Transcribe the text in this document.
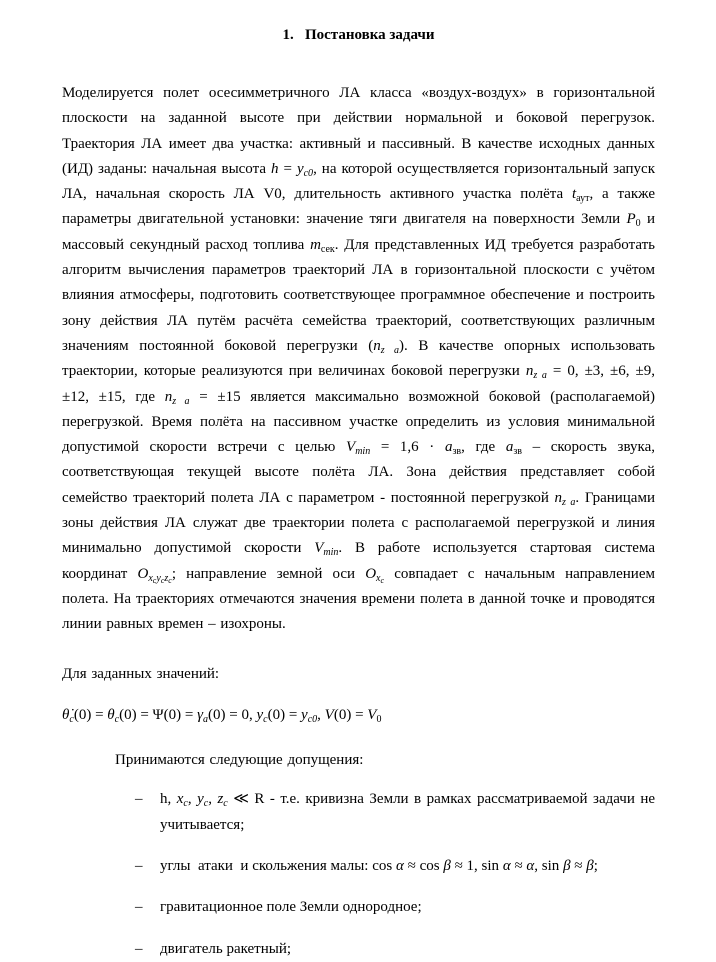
1.   Постановка задачи

Моделируется полет осесимметричного ЛА класса «воздух-воздух» в горизонтальной плоскости на заданной высоте при действии нормальной и боковой перегрузок. Траектория ЛА имеет два участка: активный и пассивный. В качестве исходных данных (ИД) заданы: начальная высота $h = y_{c0}$, на которой осуществляется горизонтальный запуск ЛА, начальная скорость ЛА V0, длительность активного участка полёта $t_{аут}$, а также параметры двигательной установки: значение тяги двигателя на поверхности Земли $P_0$ и массовый секундный расход топлива $m_{сек}$. Для представленных ИД требуется разработать алгоритм вычисления параметров траекторий ЛА в горизонтальной плоскости с учётом влияния атмосферы, подготовить соответствующее программное обеспечение и построить зону действия ЛА путём расчёта семейства траекторий, соответствующих различным значениям постоянной боковой перегрузки $(n_{z a})$. В качестве опорных использовать траектории, которые реализуются при величинах боковой перегрузки $n_{z a} = 0$, ±3, ±6, ±9, ±12, ±15, где $n_{z a} = \pm 15$ является максимально возможной боковой (располагаемой) перегрузкой. Время полёта на пассивном участке определить из условия минимальной допустимой скорости встречи с целью $V_{min} = 1,6 \cdot a_{зв}$, где $a_{зв}$ – скорость звука, соответствующая текущей высоте полёта ЛА. Зона действия представляет собой семейство траекторий полета ЛА с параметром - постоянной перегрузкой $n_{z a}$. Границами зоны действия ЛА служат две траектории полета с располагаемой перегрузкой и линия минимально допустимой скорости $V_{min}$. В работе используется стартовая система координат $O_{xcyczc}$; направление земной оси $O_{xc}$ совпадает с начальным направлением полета. На траекториях отмечаются значения времени полета в данной точке и проводятся линии равных времен – изохроны.

Для заданных значений:

$\thetȧ_c(0) = \theta_c(0) = \Psi(0) = \gamma_a(0) = 0$, $y_c(0) = y_{c0}$, $V(0) = V_0$

Принимаются следующие допущения:

– h, $x_c$, $y_c$, $z_c$ ≪ R - т.е. кривизна Земли в рамках рассматриваемой задачи не учитывается;
– углы  атаки  и скольжения малы: cos α ≈ cos β ≈ 1, sin α ≈ α, sin β ≈ β;
– гравитационное поле Земли однородное;
– двигатель ракетный;
